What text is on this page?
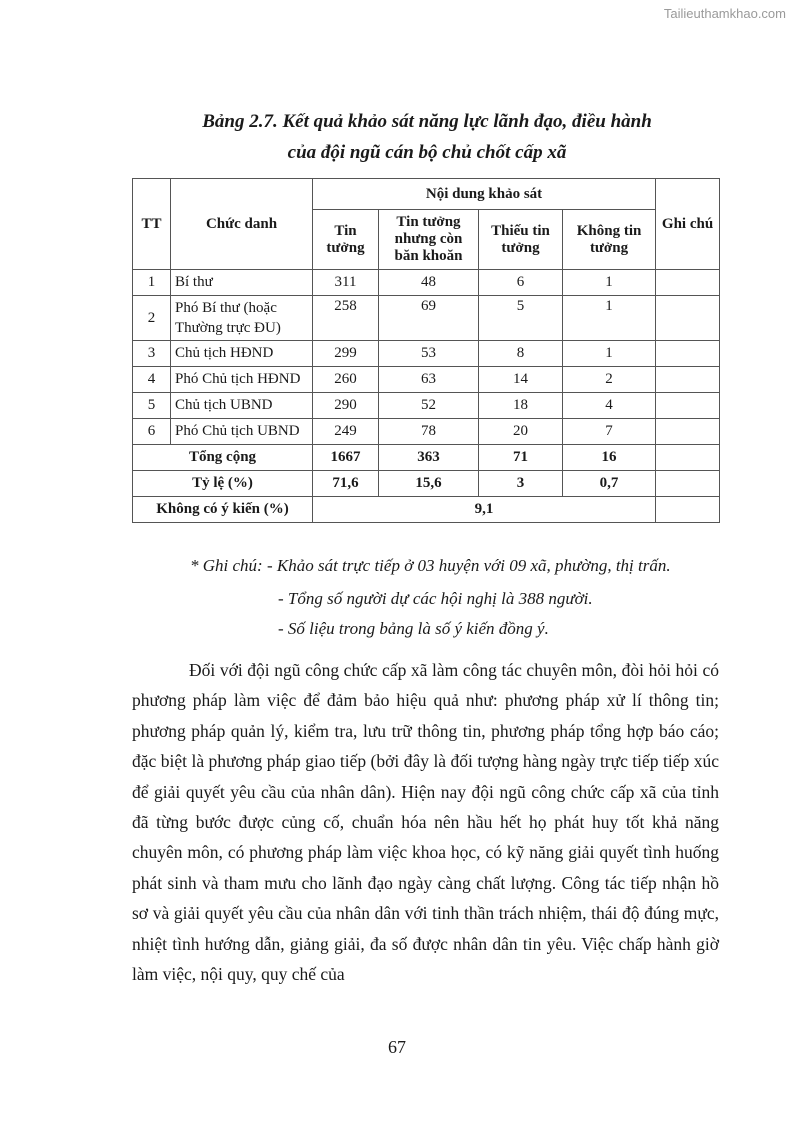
Tailieuthamkhao.com
Bảng 2.7. Kết quả khảo sát năng lực lãnh đạo, điều hành
của đội ngũ cán bộ chủ chốt cấp xã
TT	Chức danh	Nội dung khảo sát				Ghi chú
		Tin tưởng	Tin tưởng nhưng còn băn khoăn	Thiếu tin tưởng	Không tin tưởng	
1	Bí thư	311	48	6	1	
2	Phó Bí thư (hoặc Thường trực ĐU)	258	69	5	1	
3	Chủ tịch HĐND	299	53	8	1	
4	Phó Chủ tịch HĐND	260	63	14	2	
5	Chủ tịch UBND	290	52	18	4	
6	Phó Chủ tịch UBND	249	78	20	7	
Tổng cộng		1667	363	71	16	
Tỷ lệ (%)		71,6	15,6	3	0,7	
Không có ý kiến (%)		9,1				
* Ghi chú: - Khảo sát trực tiếp ở 03 huyện với 09 xã, phường, thị trấn.
- Tổng số người dự các hội nghị là 388 người.
- Số liệu trong bảng là số ý kiến đồng ý.

Đối với đội ngũ công chức cấp xã làm công tác chuyên môn, đòi hỏi hỏi có phương pháp làm việc để đảm bảo hiệu quả như: phương pháp xử lí thông tin; phương pháp quản lý, kiểm tra, lưu trữ thông tin, phương pháp tổng hợp báo cáo; đặc biệt là phương pháp giao tiếp (bởi đây là đối tượng hàng ngày trực tiếp tiếp xúc để giải quyết yêu cầu của nhân dân). Hiện nay đội ngũ công chức cấp xã của tỉnh đã từng bước được củng cố, chuẩn hóa nên hầu hết họ phát huy tốt khả năng chuyên môn, có phương pháp làm việc khoa học, có kỹ năng giải quyết tình huống phát sinh và tham mưu cho lãnh đạo ngày càng chất lượng. Công tác tiếp nhận hồ sơ và giải quyết yêu cầu của nhân dân với tinh thần trách nhiệm, thái độ đúng mực, nhiệt tình hướng dẫn, giảng giải, đa số được nhân dân tin yêu. Việc chấp hành giờ làm việc, nội quy, quy chế của

67
